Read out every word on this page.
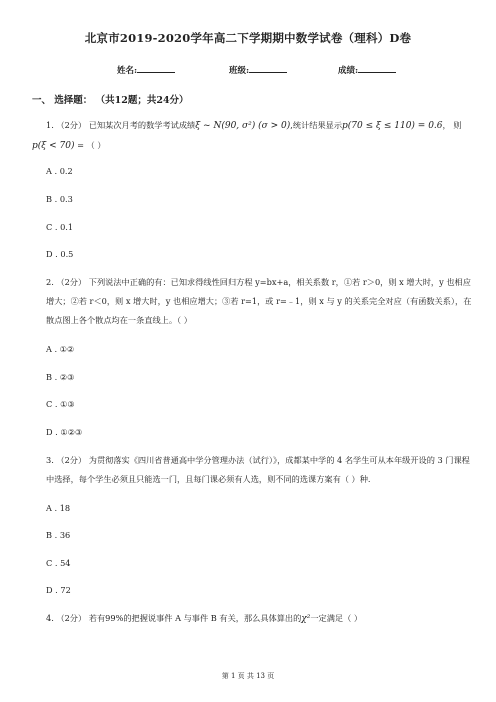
北京市2019-2020学年高二下学期期中数学试卷（理科）D卷
姓名:	班级:	成绩:
一、 选择题： （共12题；共24分）
1. （2分） 已知某次月考的数学考试成绩ξ ~ N(90, σ²) (σ > 0),统计结果显示p(70 ≤ ξ ≤ 110) = 0.6， 则
p(ξ < 70) = （ ）
A . 0.2
B . 0.3
C . 0.1
D . 0.5
2. （2分） 下列说法中正确的有：已知求得线性回归方程 y=bx+a，相关系数 r，①若 r＞0，则 x 增大时，y 也相应增大；②若 r＜0，则 x 增大时，y 也相应增大；③若 r=1，或 r=﹣1，则 x 与 y 的关系完全对应（有函数关系），在散点图上各个散点均在一条直线上。（ ）
A . ①②
B . ②③
C . ①③
D . ①②③
3. （2分） 为贯彻落实《四川省普通高中学分管理办法（试行）》，成都某中学的 4 名学生可从本年级开设的 3 门课程中选择，每个学生必须且只能选一门，且每门课必须有人选，则不同的选课方案有（ ）种.
A . 18
B . 36
C . 54
D . 72
4. （2分） 若有99%的把握说事件 A 与事件 B 有关，那么具体算出的χ²一定满足（ ）
第 1 页 共 13 页
